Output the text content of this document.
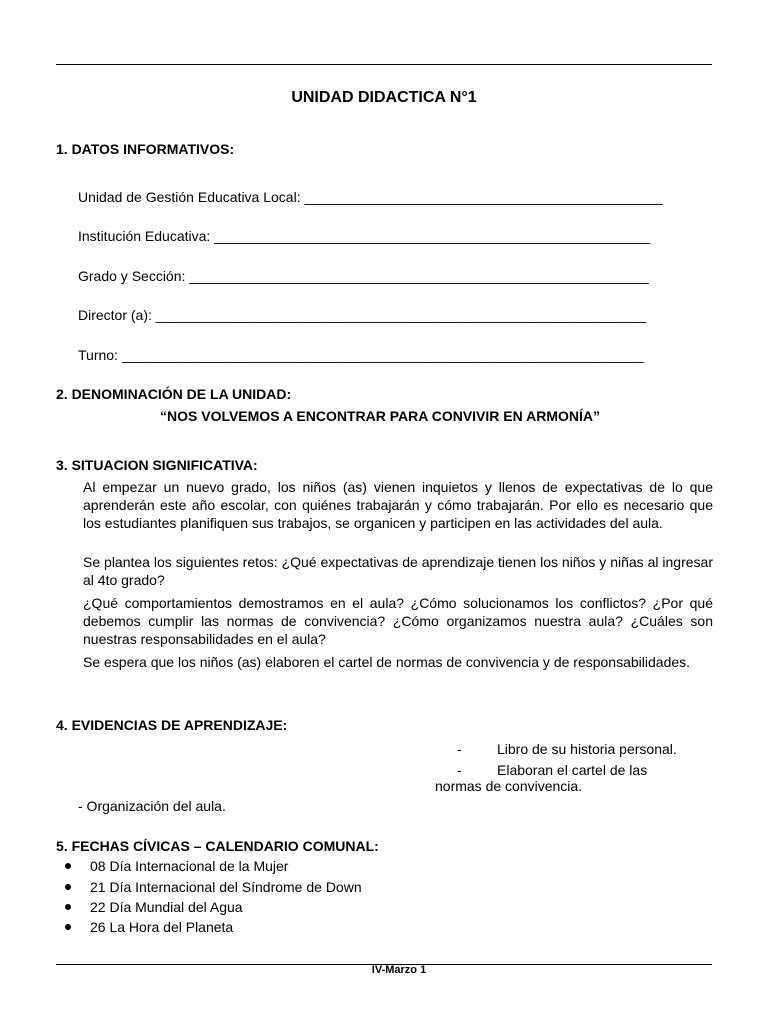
UNIDAD DIDACTICA N°1
1. DATOS INFORMATIVOS:
Unidad de Gestión Educativa Local: ______________________________________________
Institución Educativa: ________________________________________________________
Grado y Sección: ___________________________________________________________
Director (a): _______________________________________________________________
Turno: ___________________________________________________________________
2. DENOMINACIÓN DE LA UNIDAD:
“NOS VOLVEMOS A ENCONTRAR PARA CONVIVIR EN ARMONÍA”
3. SITUACION SIGNIFICATIVA:
Al empezar un nuevo grado, los niños (as) vienen inquietos y llenos de expectativas de lo que aprenderán este año escolar, con quiénes trabajarán y cómo trabajarán. Por ello es necesario que los estudiantes planifiquen sus trabajos, se organicen y participen en las actividades del aula.
Se plantea los siguientes retos: ¿Qué expectativas de aprendizaje tienen los niños y niñas al ingresar al 4to grado?
¿Qué comportamientos demostramos en el aula? ¿Cómo solucionamos los conflictos? ¿Por qué debemos cumplir las normas de convivencia? ¿Cómo organizamos nuestra aula? ¿Cuáles son nuestras responsabilidades en el aula?
Se espera que los niños (as) elaboren el cartel de normas de convivencia y de responsabilidades.
4. EVIDENCIAS DE APRENDIZAJE:
-	Libro de su historia personal.
-	Elaboran el cartel de las
normas de convivencia.
- Organización del aula.
5. FECHAS CÍVICAS – CALENDARIO COMUNAL:
08 Día Internacional de la Mujer
21 Día Internacional del Síndrome de Down
22 Día Mundial del Agua
26 La Hora del Planeta
IV-Marzo 1
